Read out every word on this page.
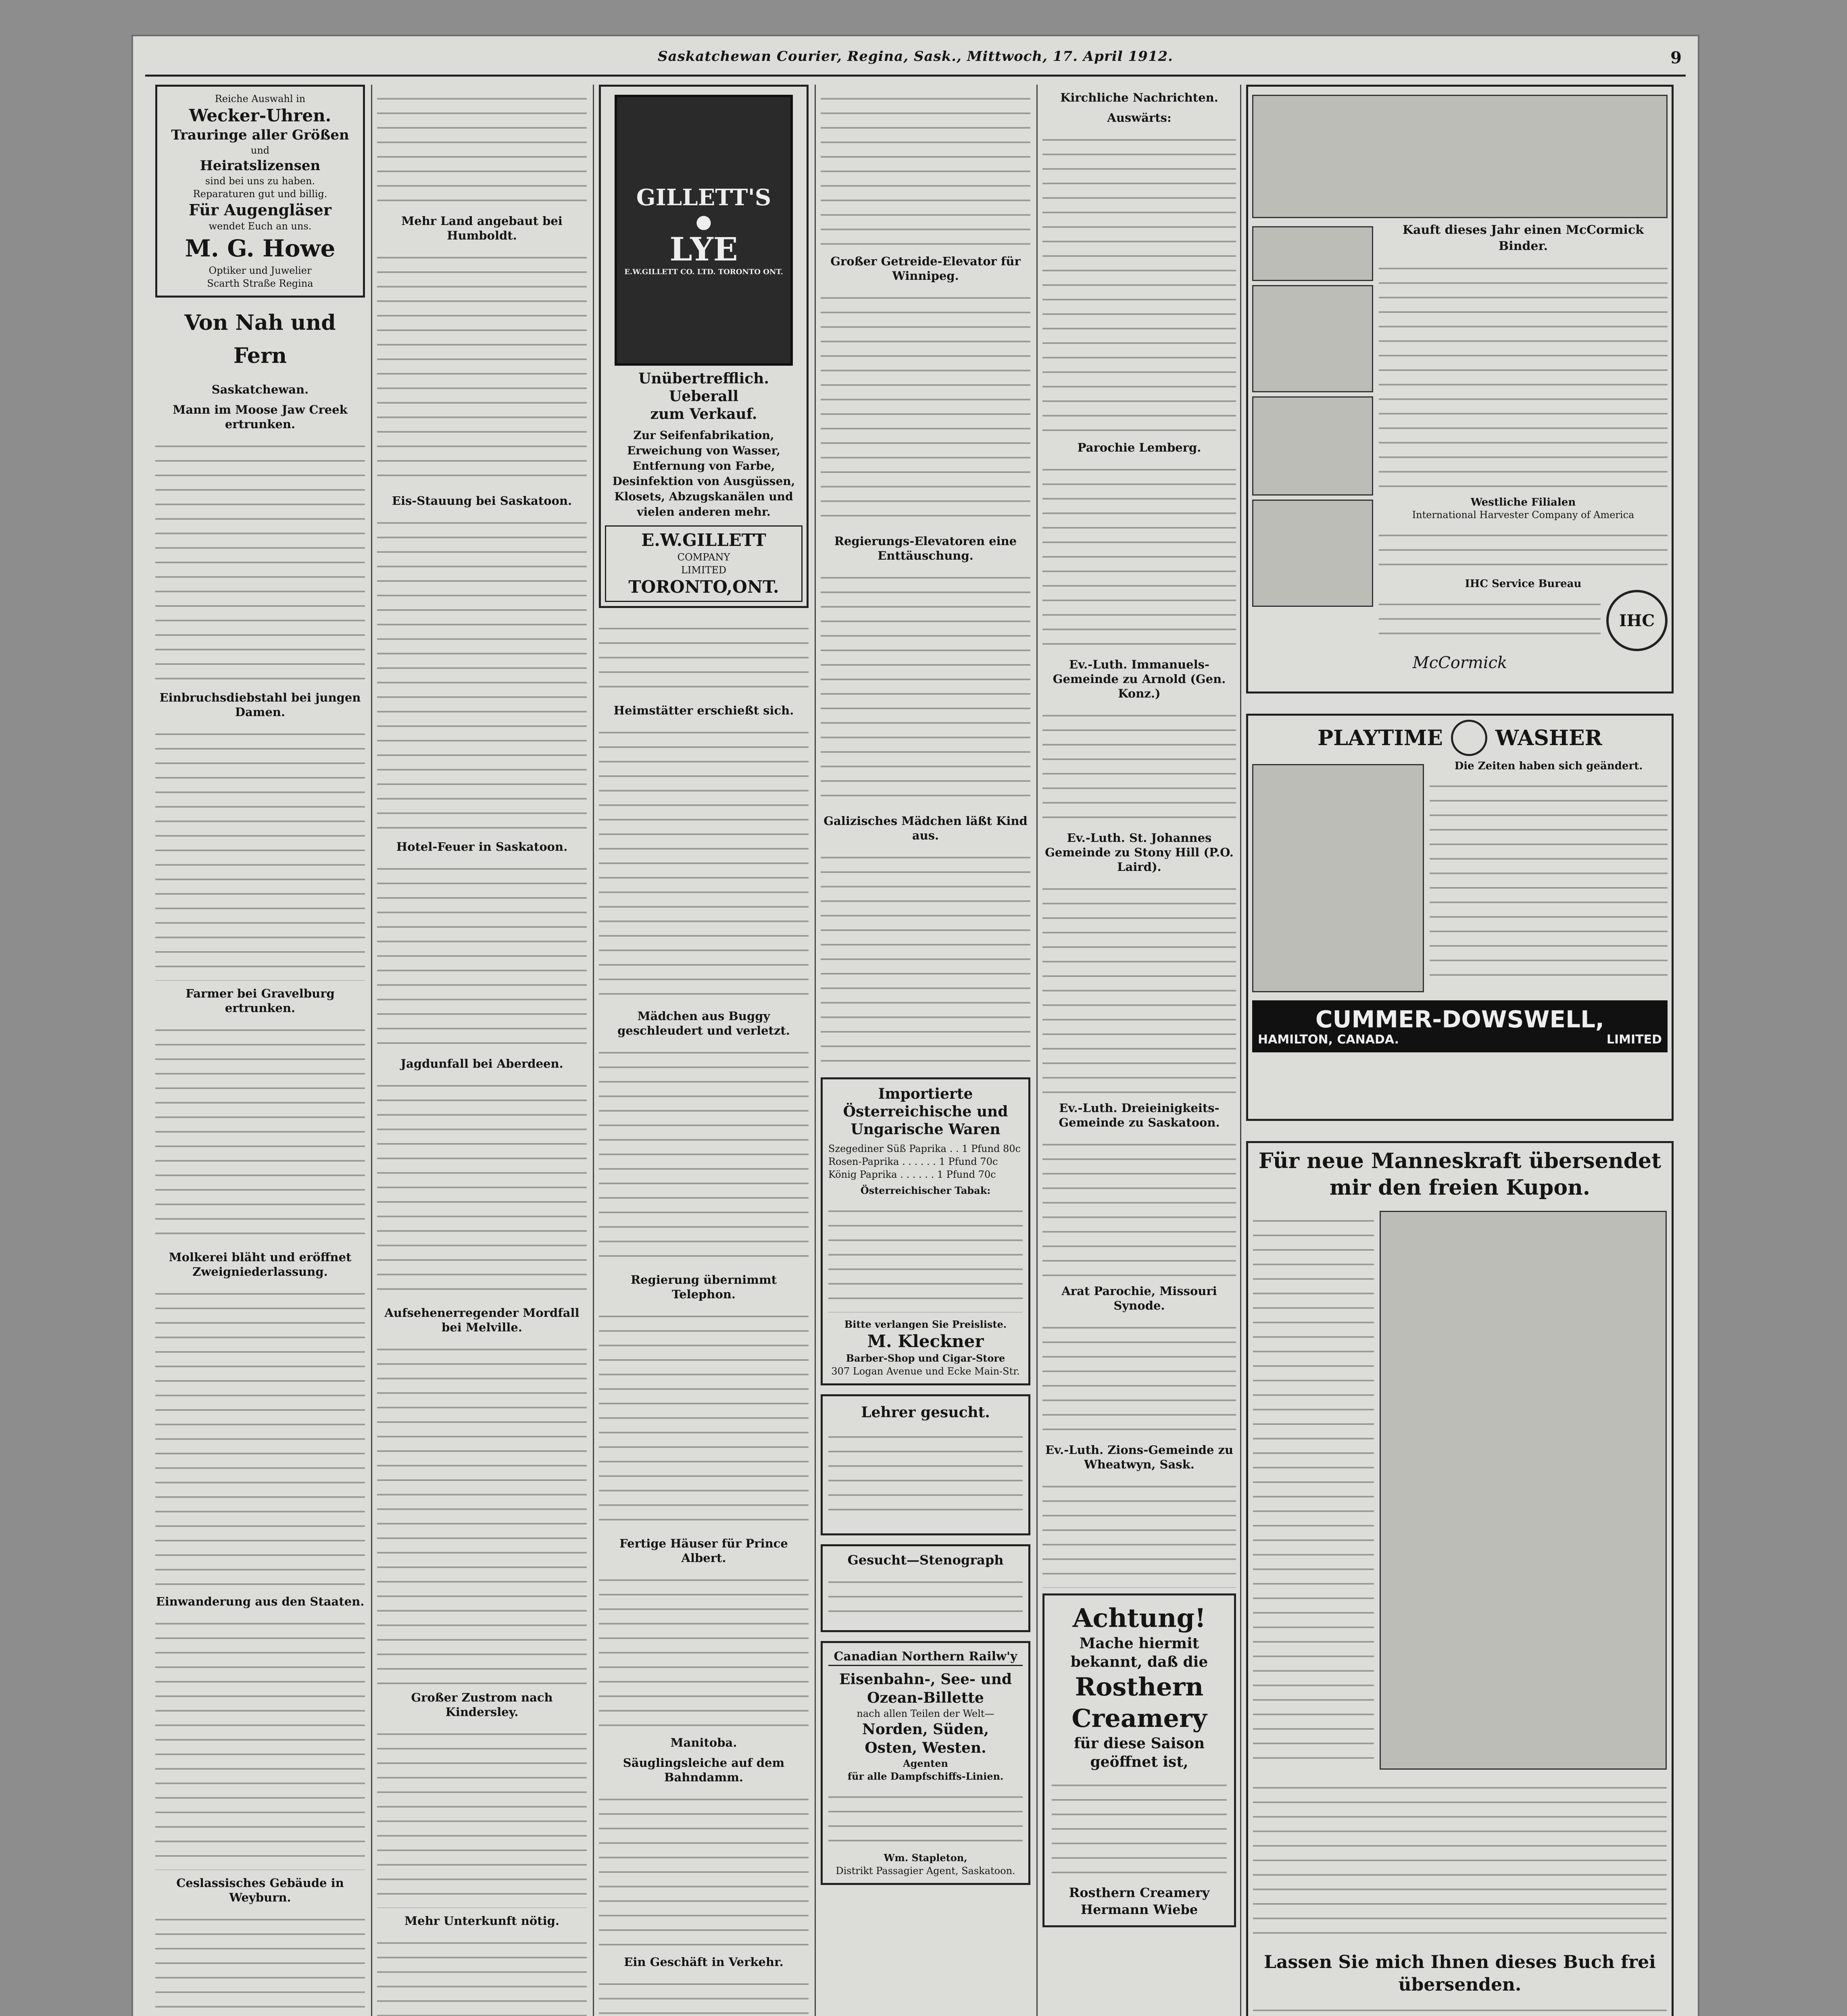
Saskatchewan Courier, Regina, Sask., Mittwoch, 17. April 1912.	9
Reiche Auswahl in
Wecker-Uhren.
Trauringe aller Größen
und
Heiratslizensen
sind bei uns zu haben.
Reparaturen gut und billig.
Für Augengläser
wendet Euch an uns.
M. G. Howe
Optiker und Juwelier
Scarth Straße Regina
Von Nah und Fern
Saskatchewan.
Mann im Moose Jaw Creek ertrunken.
Einbruchsdiebstahl bei jungen Damen.
Farmer bei Gravelburg ertrunken.
Molkerei bläht und eröffnet Zweigniederlassung.
Einwanderung aus den Staaten.
Ceslassisches Gebäude in Weyburn.
Mehr Land angebaut bei Humboldt.
Eis-Stauung bei Saskatoon.
Hotel-Feuer in Saskatoon.
Jagdunfall bei Aberdeen.
Aufsehenerregender Mordfall bei Melville.
Großer Zustrom nach Kindersley.
Mehr Unterkunft nötig.
GILLETT'S
●
LYE
E.W.GILLETT CO. LTD. TORONTO ONT.
Unübertrefflich.
Ueberall
zum Verkauf.
Zur Seifenfabrikation, Erweichung von Wasser, Entfernung von Farbe, Desinfektion von Ausgüssen, Klosets, Abzugskanälen und vielen anderen mehr.
E.W.GILLETT
COMPANY
LIMITED
TORONTO,ONT.
Heimstätter erschießt sich.
Mädchen aus Buggy geschleudert und verletzt.
Regierung übernimmt Telephon.
Fertige Häuser für Prince Albert.
Manitoba.
Säuglingsleiche auf dem Bahndamm.
Ein Geschäft in Verkehr.
Großer Getreide-Elevator für Winnipeg.
Regierungs-Elevatoren eine Enttäuschung.
Galizisches Mädchen läßt Kind aus.
Importierte
Österreichische und
Ungarische Waren
Szegediner Süß Paprika . . 1 Pfund 80c
Rosen-Paprika . . . . . . 1 Pfund 70c
König Paprika . . . . . . 1 Pfund 70c
Österreichischer Tabak:
Bitte verlangen Sie Preisliste.
M. Kleckner
Barber-Shop und Cigar-Store
307 Logan Avenue und Ecke Main-Str.
Lehrer gesucht.
Gesucht—Stenograph
Canadian Northern Railw'y
Eisenbahn-, See- und
Ozean-Billette
nach allen Teilen der Welt—
Norden, Süden,
Osten, Westen.
Agenten
für alle Dampfschiffs-Linien.
Wm. Stapleton,
Distrikt Passagier Agent, Saskatoon.
Kirchliche Nachrichten.
Auswärts:
Parochie Lemberg.
Ev.-Luth. Immanuels-Gemeinde zu Arnold (Gen. Konz.)
Ev.-Luth. St. Johannes Gemeinde zu Stony Hill (P.O. Laird).
Ev.-Luth. Dreieinigkeits-Gemeinde zu Saskatoon.
Arat Parochie, Missouri Synode.
Ev.-Luth. Zions-Gemeinde zu Wheatwyn, Sask.
Achtung!
Mache hiermit bekannt, daß die
Rosthern
Creamery
für diese Saison geöffnet ist,
Rosthern Creamery
Hermann Wiebe
Kauft dieses Jahr einen McCormick Binder.
Westliche Filialen
International Harvester Company of America
IHC Service Bureau
IHC
McCormick
PLAYTIME	WASHER
Die Zeiten haben sich geändert.
CUMMER-DOWSWELL,
HAMILTON, CANADA.	LIMITED
Für neue Manneskraft übersendet mir den freien Kupon.
Lassen Sie mich Ihnen dieses Buch frei übersenden.
